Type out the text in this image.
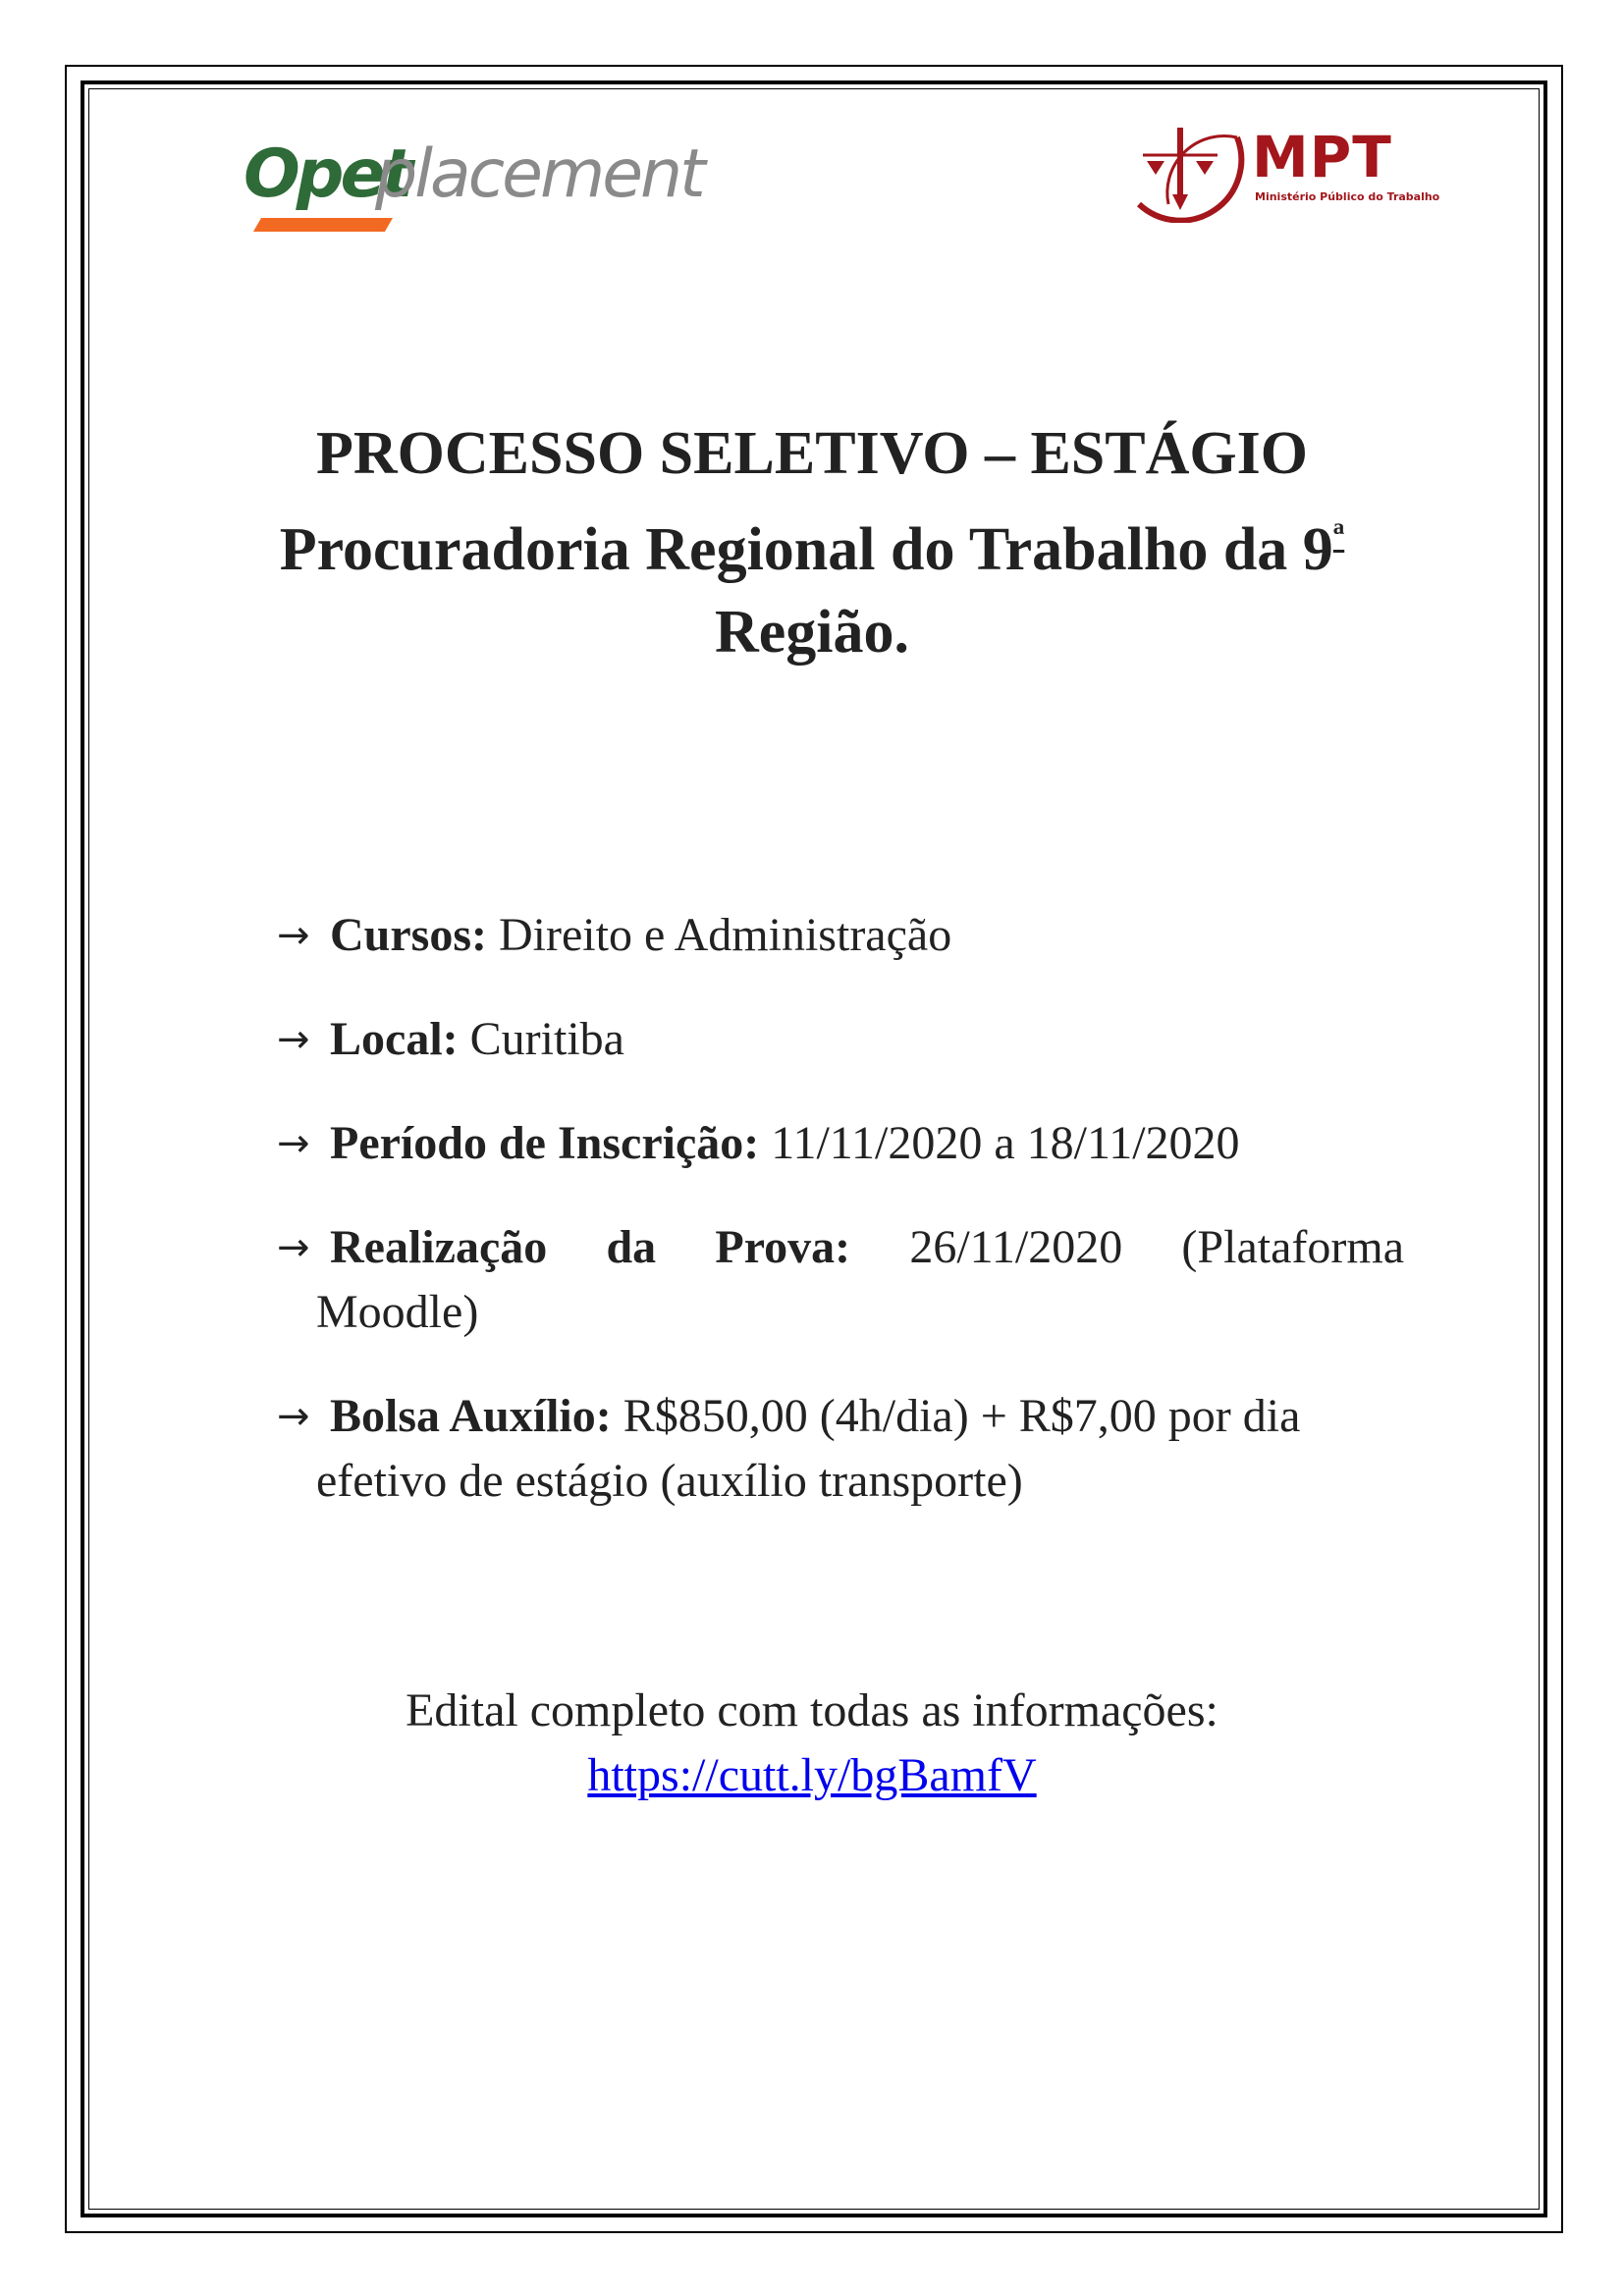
Opet
placement	MPT
Ministério Público do Trabalho
PROCESSO SELETIVO – ESTÁGIO
Procuradoria Regional do Trabalho da $9^ª$
Região.
→ Cursos: Direito e Administração
→ Local: Curitiba
→ Período de Inscrição: 11/11/2020 a 18/11/2020
→ Realização da Prova: 26/11/2020 (Plataforma
Moodle)
→ Bolsa Auxílio: R$850,00 (4h/dia) + R$7,00 por dia
efetivo de estágio (auxílio transporte)
Edital completo com todas as informações:
https://cutt.ly/bgBamfV
